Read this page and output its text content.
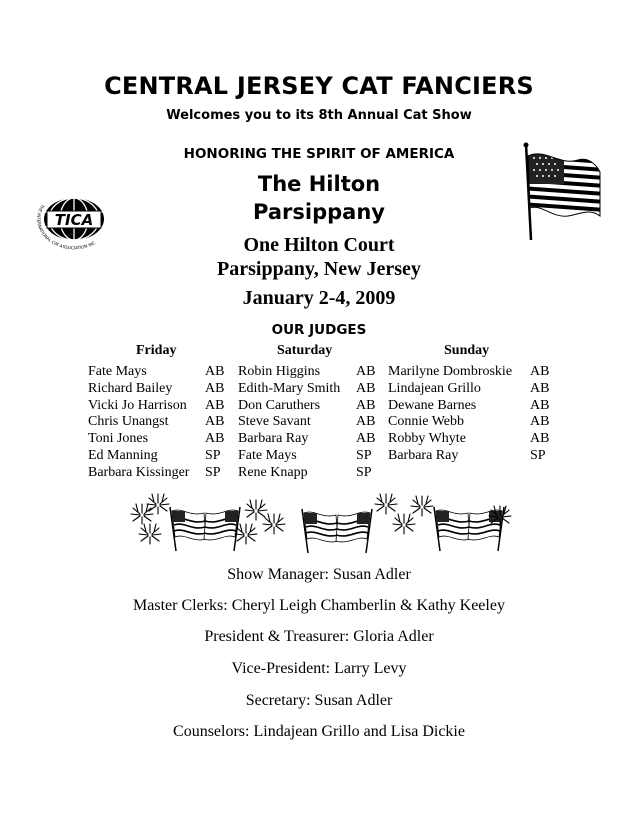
CENTRAL JERSEY CAT FANCIERS
Welcomes you to its 8th Annual Cat Show
HONORING THE SPIRIT OF AMERICA
The Hilton
Parsippany
One Hilton Court
Parsippany, New Jersey
January 2-4, 2009
TICA
THE INTERNATIONAL CAT ASSOCIATION INC
OUR JUDGES
Friday	Saturday	Sunday
Fate Mays
Richard Bailey
Vicki Jo Harrison
Chris Unangst
Toni Jones
Ed Manning
Barbara Kissinger
AB
AB
AB
AB
AB
SP
SP
Robin Higgins
Edith-Mary Smith
Don Caruthers
Steve Savant
Barbara Ray
Fate Mays
Rene Knapp
AB
AB
AB
AB
AB
SP
SP
Marilyne Dombroskie
Lindajean Grillo
Dewane Barnes
Connie Webb
Robby Whyte
Barbara Ray
AB
AB
AB
AB
AB
SP
Show Manager: Susan Adler
Master Clerks: Cheryl Leigh Chamberlin & Kathy Keeley
President & Treasurer: Gloria Adler
Vice-President: Larry Levy
Secretary: Susan Adler
Counselors: Lindajean Grillo and Lisa Dickie
